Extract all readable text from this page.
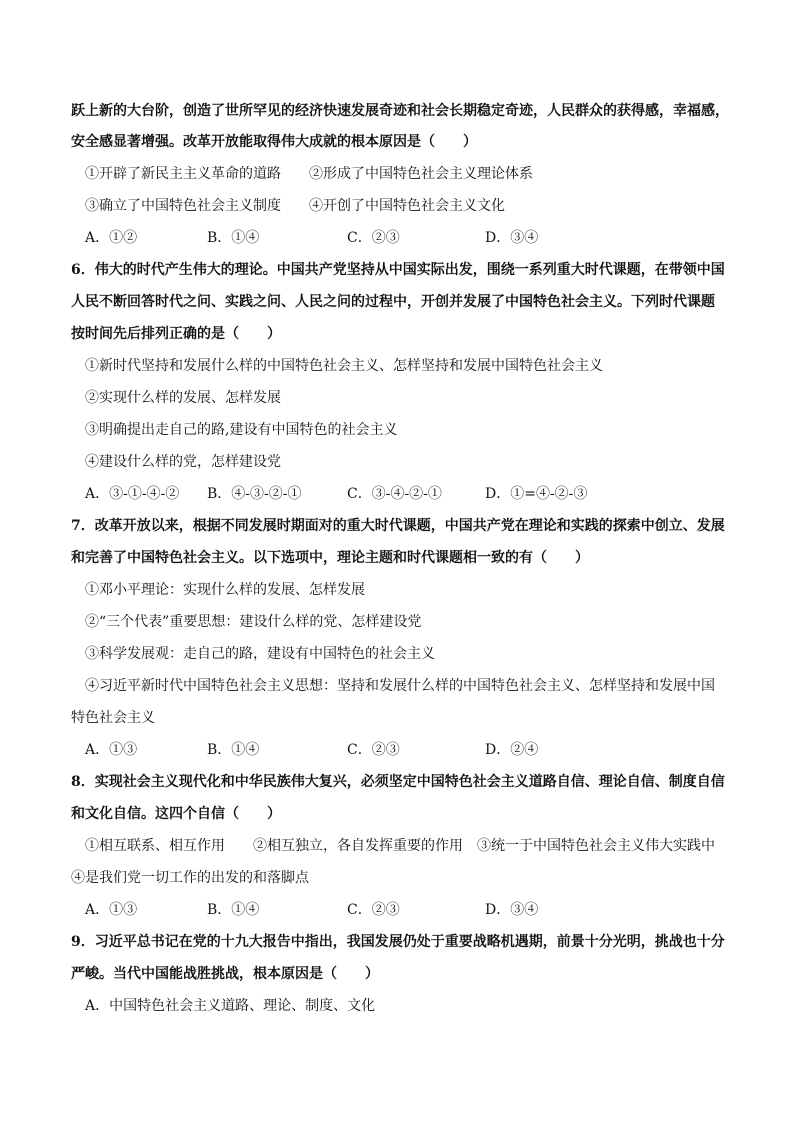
跃上新的大台阶，创造了世所罕见的经济快速发展奇迹和社会长期稳定奇迹，人民群众的获得感，幸福感，
安全感显著增强。改革开放能取得伟大成就的根本原因是（　　）
①开辟了新民主主义革命的道路　　②形成了中国特色社会主义理论体系
③确立了中国特色社会主义制度　　④开创了中国特色社会主义文化
A．①②	B．①④	C．②③	D．③④
6．伟大的时代产生伟大的理论。中国共产党坚持从中国实际出发，围绕一系列重大时代课题，在带领中国
人民不断回答时代之问、实践之问、人民之问的过程中，开创并发展了中国特色社会主义。下列时代课题
按时间先后排列正确的是（　　）
①新时代坚持和发展什么样的中国特色社会主义、怎样坚持和发展中国特色社会主义
②实现什么样的发展、怎样发展
③明确提出走自己的路,建设有中国特色的社会主义
④建设什么样的党，怎样建设党
A．③-①-④-② B．④-③-②-①	C．③-④-②-①	D．①=④-②-③
7．改革开放以来，根据不同发展时期面对的重大时代课题，中国共产党在理论和实践的探索中创立、发展
和完善了中国特色社会主义。以下选项中，理论主题和时代课题相一致的有（　　）
①邓小平理论：实现什么样的发展、怎样发展
②“三个代表”重要思想：建设什么样的党、怎样建设党
③科学发展观：走自己的路，建设有中国特色的社会主义
④习近平新时代中国特色社会主义思想：坚持和发展什么样的中国特色社会主义、怎样坚持和发展中国
特色社会主义
A．①③	B．①④	C．②③	D．②④
8．实现社会主义现代化和中华民族伟大复兴，必须坚定中国特色社会主义道路自信、理论自信、制度自信
和文化自信。这四个自信（　　）
①相互联系、相互作用　　②相互独立，各自发挥重要的作用　③统一于中国特色社会主义伟大实践中
④是我们党一切工作的出发的和落脚点
A．①③	B．①④	C．②③	D．③④
9．习近平总书记在党的十九大报告中指出，我国发展仍处于重要战略机遇期，前景十分光明，挑战也十分
严峻。当代中国能战胜挑战，根本原因是（　　）
A．中国特色社会主义道路、理论、制度、文化
